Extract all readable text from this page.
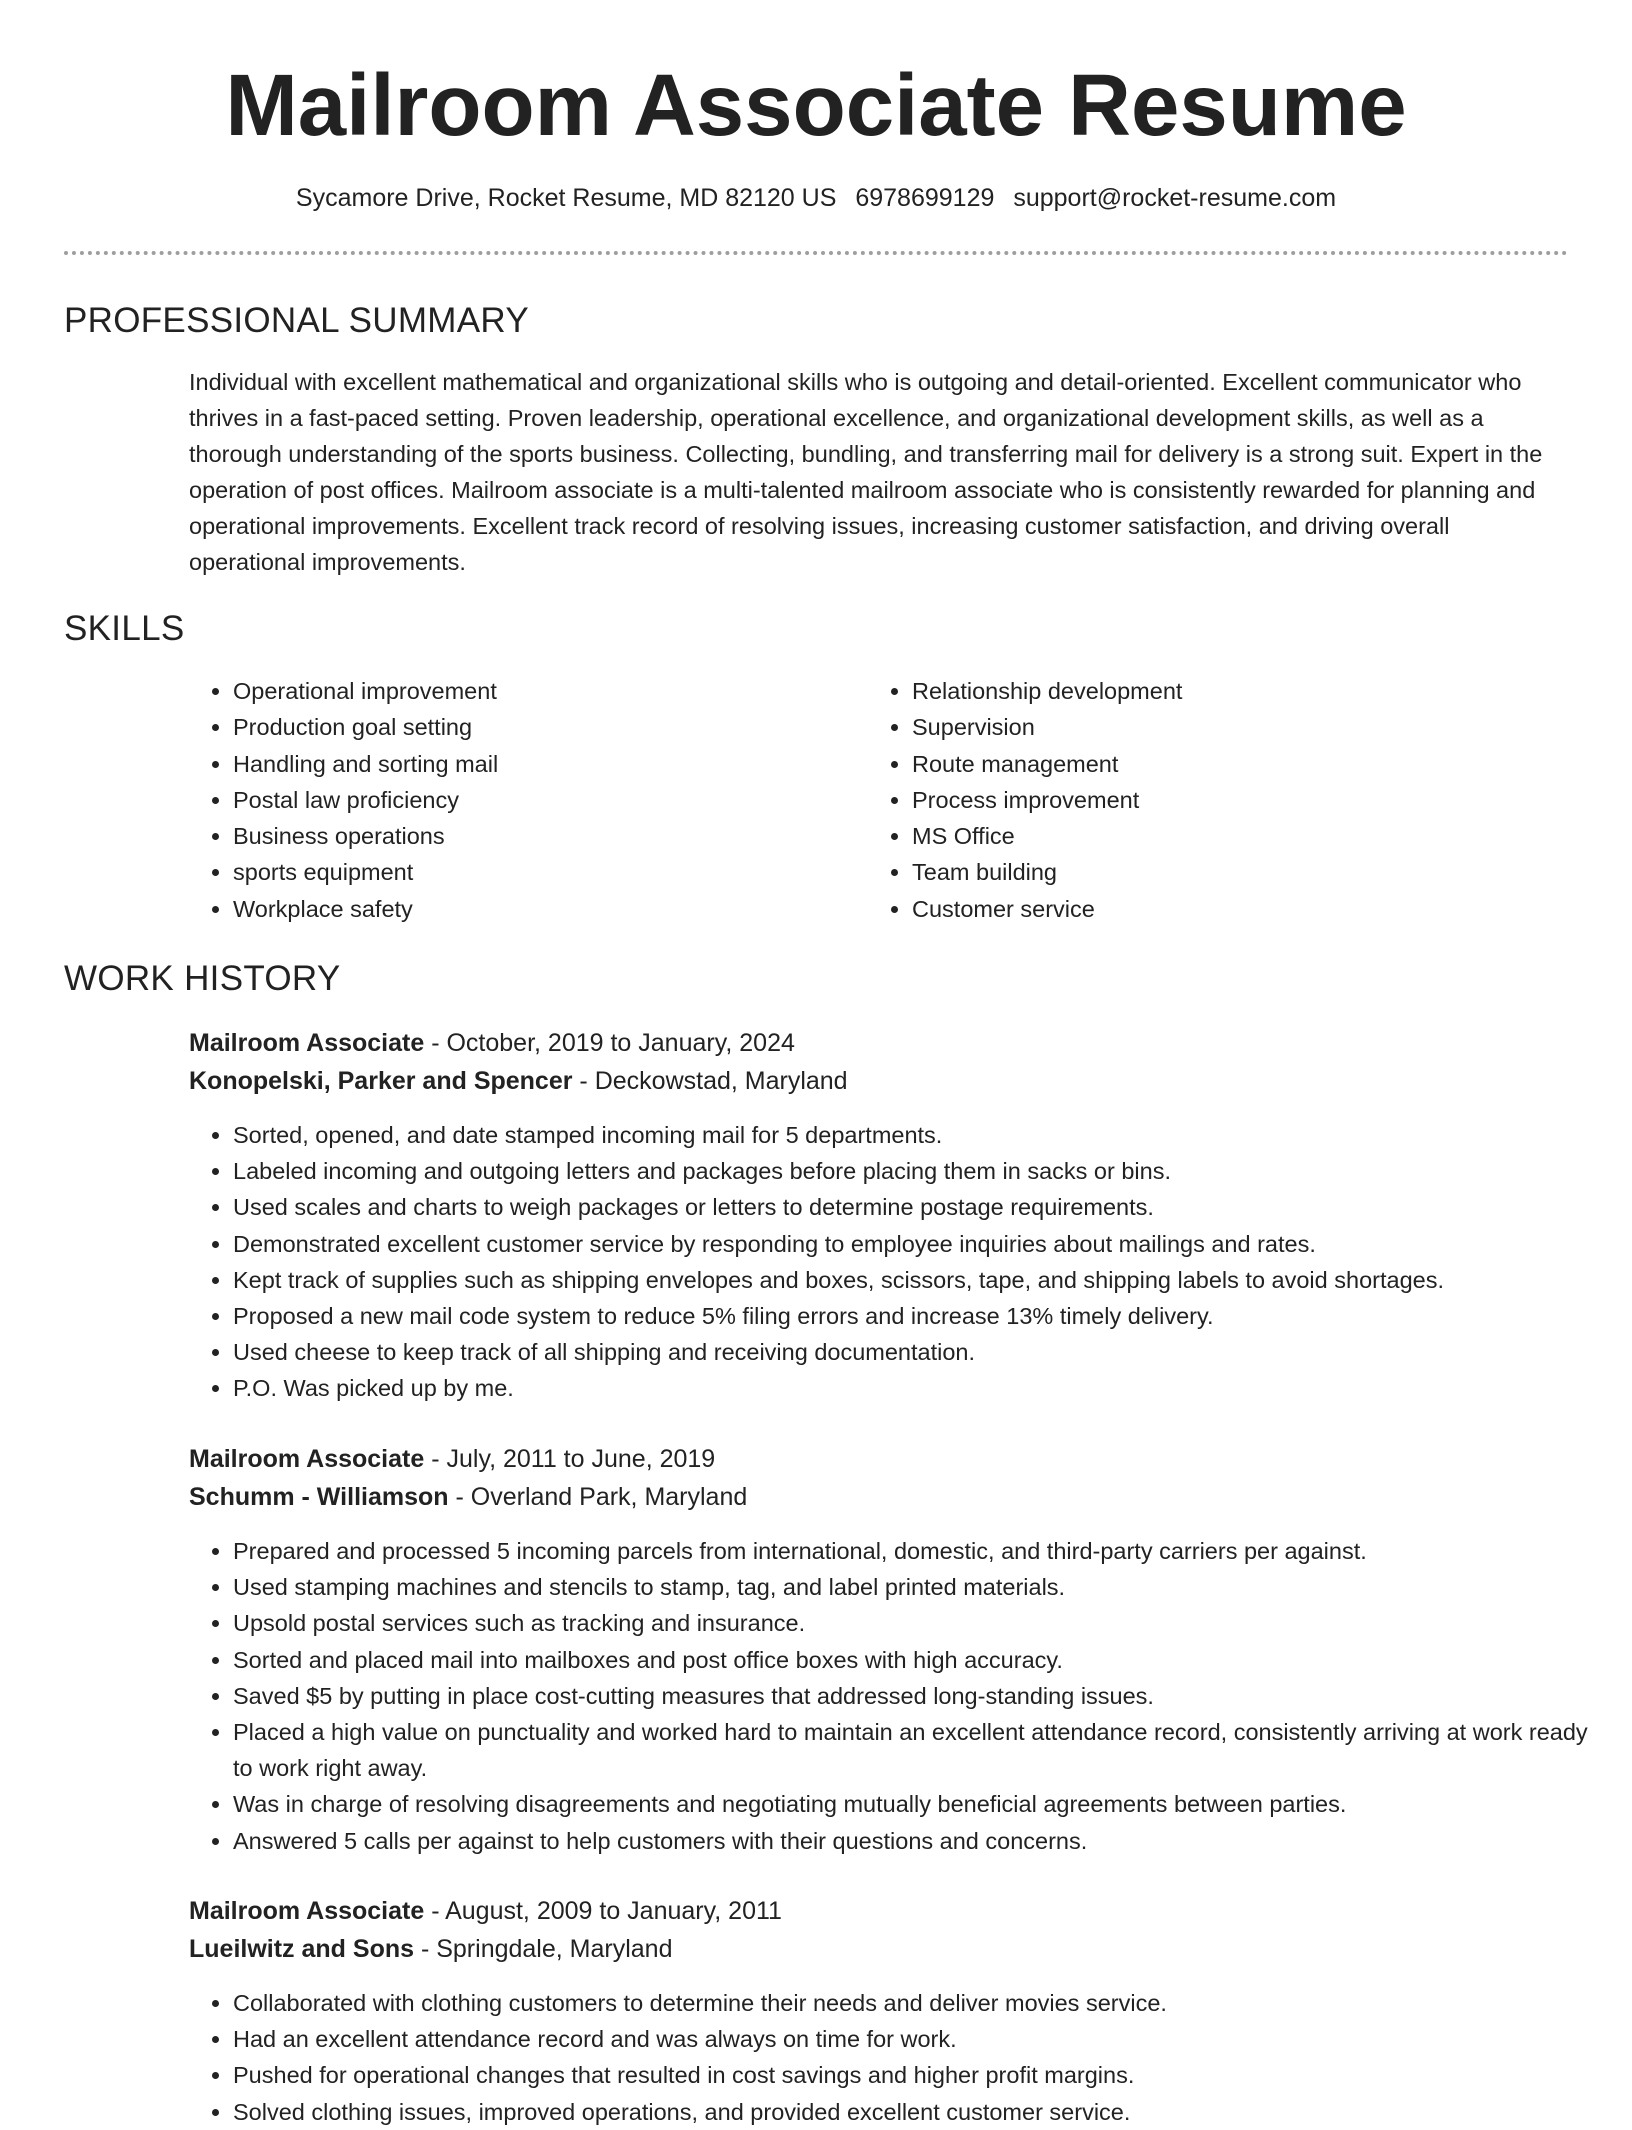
Mailroom Associate Resume
Sycamore Drive, Rocket Resume, MD 82120 US 6978699129 support@rocket-resume.com
PROFESSIONAL SUMMARY

Individual with excellent mathematical and organizational skills who is outgoing and detail-oriented. Excellent communicator who thrives in a fast-paced setting. Proven leadership, operational excellence, and organizational development skills, as well as a thorough understanding of the sports business. Collecting, bundling, and transferring mail for delivery is a strong suit. Expert in the operation of post offices. Mailroom associate is a multi-talented mailroom associate who is consistently rewarded for planning and operational improvements. Excellent track record of resolving issues, increasing customer satisfaction, and driving overall operational improvements.

SKILLS
• Operational improvement
• Production goal setting
• Handling and sorting mail
• Postal law proficiency
• Business operations
• sports equipment
• Workplace safety
• Relationship development
• Supervision
• Route management
• Process improvement
• MS Office
• Team building
• Customer service
WORK HISTORY
Mailroom Associate - October, 2019 to January, 2024
Konopelski, Parker and Spencer - Deckowstad, Maryland
• Sorted, opened, and date stamped incoming mail for 5 departments.
• Labeled incoming and outgoing letters and packages before placing them in sacks or bins.
• Used scales and charts to weigh packages or letters to determine postage requirements.
• Demonstrated excellent customer service by responding to employee inquiries about mailings and rates.
• Kept track of supplies such as shipping envelopes and boxes, scissors, tape, and shipping labels to avoid shortages.
• Proposed a new mail code system to reduce 5% filing errors and increase 13% timely delivery.
• Used cheese to keep track of all shipping and receiving documentation.
• P.O. Was picked up by me.
Mailroom Associate - July, 2011 to June, 2019
Schumm - Williamson - Overland Park, Maryland
• Prepared and processed 5 incoming parcels from international, domestic, and third-party carriers per against.
• Used stamping machines and stencils to stamp, tag, and label printed materials.
• Upsold postal services such as tracking and insurance.
• Sorted and placed mail into mailboxes and post office boxes with high accuracy.
• Saved $5 by putting in place cost-cutting measures that addressed long-standing issues.
• Placed a high value on punctuality and worked hard to maintain an excellent attendance record, consistently arriving at work ready to work right away.
• Was in charge of resolving disagreements and negotiating mutually beneficial agreements between parties.
• Answered 5 calls per against to help customers with their questions and concerns.
Mailroom Associate - August, 2009 to January, 2011
Lueilwitz and Sons - Springdale, Maryland
• Collaborated with clothing customers to determine their needs and deliver movies service.
• Had an excellent attendance record and was always on time for work.
• Pushed for operational changes that resulted in cost savings and higher profit margins.
• Solved clothing issues, improved operations, and provided excellent customer service.
